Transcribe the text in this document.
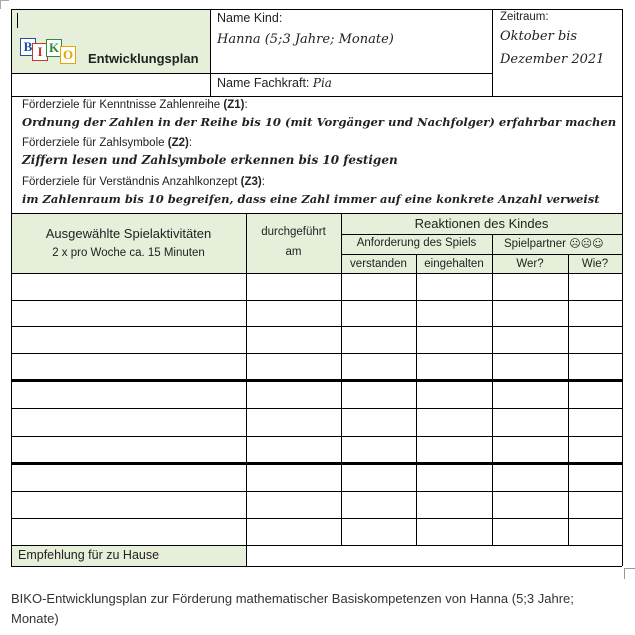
B I K O Entwicklungsplan
Name Kind:
Hanna (5;3 Jahre; Monate)
Name Fachkraft: Pia
Zeitraum:
Oktober bis
Dezember 2021
Förderziele für Kenntnisse Zahlenreihe (Z1):
Ordnung der Zahlen in der Reihe bis 10 (mit Vorgänger und Nachfolger) erfahrbar machen
Förderziele für Zahlsymbole (Z2):
Ziffern lesen und Zahlsymbole erkennen bis 10 festigen
Förderziele für Verständnis Anzahlkonzept (Z3):
im Zahlenraum bis 10 begreifen, dass eine Zahl immer auf eine konkrete Anzahl verweist
Ausgewählte Spielaktivitäten
2 x pro Woche ca. 15 Minuten
durchgeführt
am
Reaktionen des Kindes
Anforderung des Spiels	Spielpartner ☹☹☺
verstanden	eingehalten	Wer?	Wie?
Empfehlung für zu Hause
BIKO-Entwicklungsplan zur Förderung mathematischer Basiskompetenzen von Hanna (5;3 Jahre; Monate)
